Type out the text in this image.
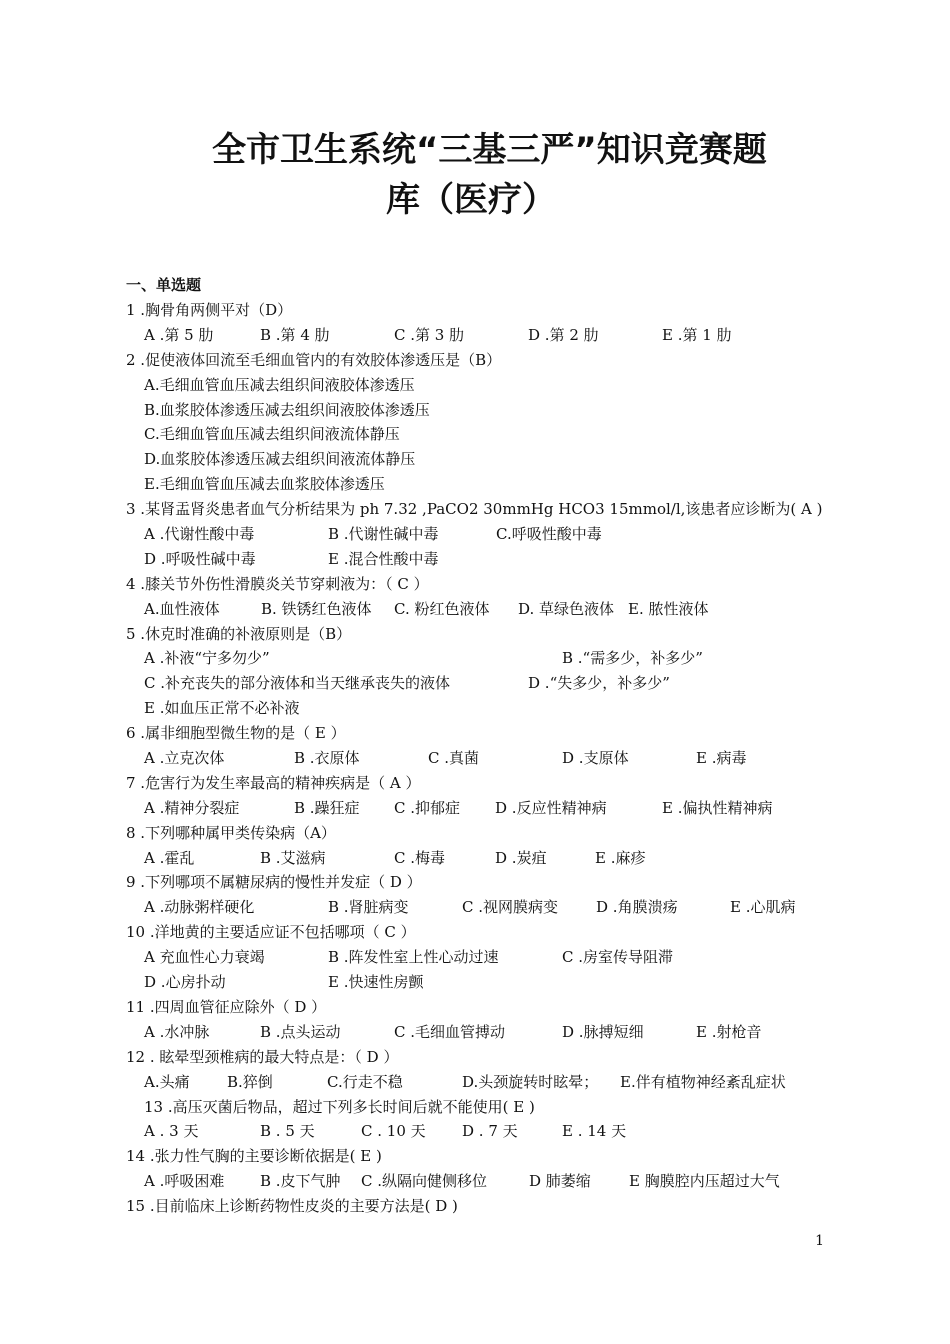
全市卫生系统“三基三严”知识竞赛题
库（医疗）
一、单选题
1 .胸骨角两侧平对（D）
A .第 5 肋	B .第 4 肋	C .第 3 肋	D .第 2 肋	E .第 1 肋
2 .促使液体回流至毛细血管内的有效胶体渗透压是（B）
A.毛细血管血压减去组织间液胶体渗透压
B.血浆胶体渗透压减去组织间液胶体渗透压
C.毛细血管血压减去组织间液流体静压
D.血浆胶体渗透压减去组织间液流体静压
E.毛细血管血压减去血浆胶体渗透压
3 .某肾盂肾炎患者血气分析结果为 ph 7.32 ,PaCO2 30mmHg HCO3 15mmol/l,该患者应诊断为( A )
A .代谢性酸中毒	B .代谢性碱中毒	C.呼吸性酸中毒
D .呼吸性碱中毒	E .混合性酸中毒
4 .膝关节外伤性滑膜炎关节穿刺液为：（ C ）
A.血性液体	B. 铁锈红色液体 C. 粉红色液体 D. 草绿色液体 E. 脓性液体
5 .休克时准确的补液原则是（B）
A .补液“宁多勿少”	B .“需多少，补多少”
C .补充丧失的部分液体和当天继承丧失的液体	D .“失多少，补多少”
E .如血压正常不必补液
6 .属非细胞型微生物的是（ E ）
A .立克次体	B .衣原体	C .真菌	D .支原体	E .病毒
7 .危害行为发生率最高的精神疾病是（ A ）
A .精神分裂症	B .躁狂症 C .抑郁症 D .反应性精神病	E .偏执性精神病
8 .下列哪种属甲类传染病（A）
A .霍乱	B .艾滋病	C .梅毒	D .炭疽	E .麻疹
9 .下列哪项不属糖尿病的慢性并发症（ D ）
A .动脉粥样硬化	B .肾脏病变	C .视网膜病变	D .角膜溃疡	E .心肌病
10 .洋地黄的主要适应证不包括哪项（ C ）
A 充血性心力衰竭	B .阵发性室上性心动过速	C .房室传导阻滞
D .心房扑动	E .快速性房颤
11 .四周血管征应除外（ D ）
A .水冲脉	B .点头运动	C .毛细血管搏动	D .脉搏短细	E .射枪音
12 . 眩晕型颈椎病的最大特点是：（ D ）
A.头痛 B.猝倒	C.行走不稳	D.头颈旋转时眩晕； E.伴有植物神经紊乱症状
13 .高压灭菌后物品，超过下列多长时间后就不能使用( E )
A . 3 天	B . 5 天	C . 10 天 D . 7 天	E . 14 天
14 .张力性气胸的主要诊断依据是( E )
A .呼吸困难 B .皮下气肿 C .纵隔向健侧移位	D 肺萎缩	E 胸膜腔内压超过大气
15 .目前临床上诊断药物性皮炎的主要方法是( D )
1
